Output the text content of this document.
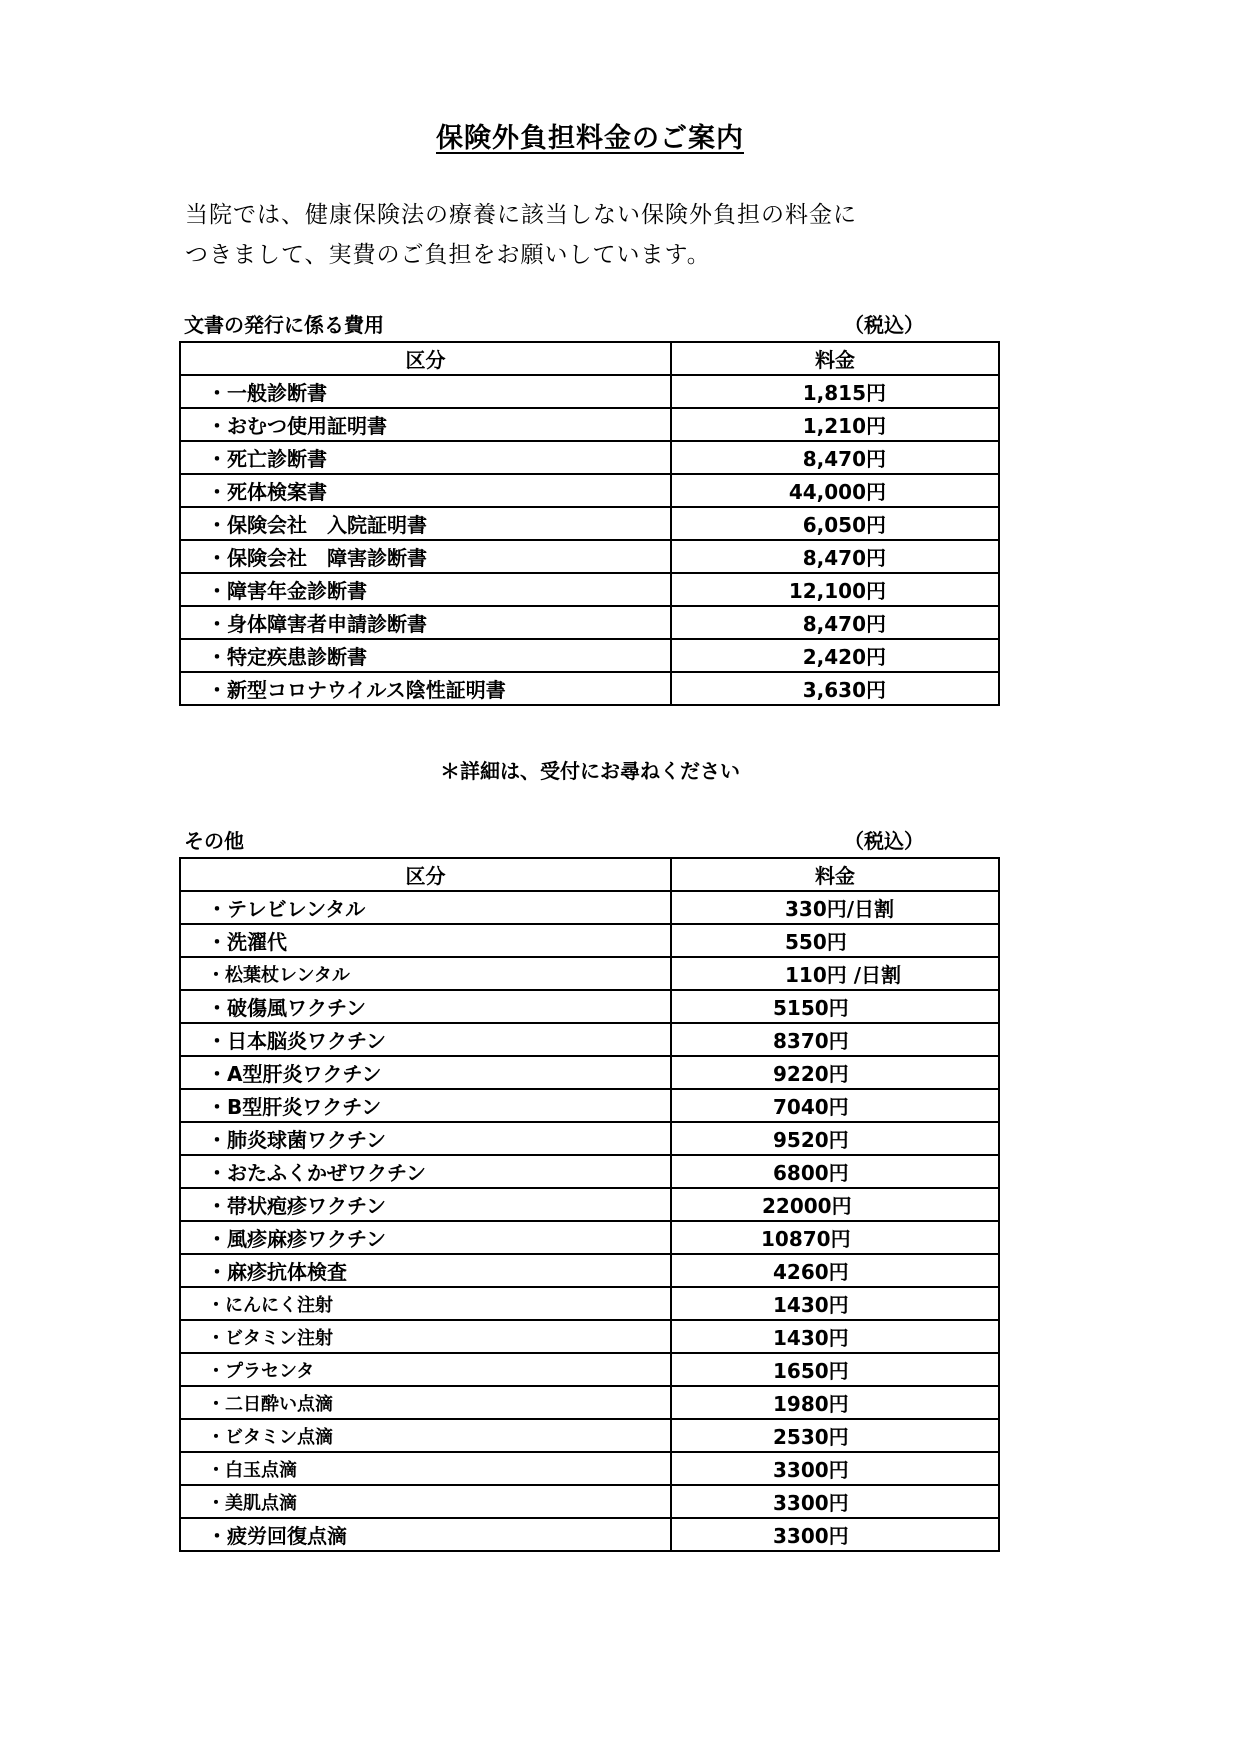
保険外負担料金のご案内
当院では、健康保険法の療養に該当しない保険外負担の料金に
つきまして、実費のご負担をお願いしています。
文書の発行に係る費用	（税込）
区分	料金
・一般診断書	1,815円
・おむつ使用証明書	1,210円
・死亡診断書	8,470円
・死体検案書	44,000円
・保険会社　入院証明書	6,050円
・保険会社　障害診断書	8,470円
・障害年金診断書	12,100円
・身体障害者申請診断書	8,470円
・特定疾患診断書	2,420円
・新型コロナウイルス陰性証明書	3,630円
＊詳細は、受付にお尋ねください
その他	（税込）
区分	料金
・テレビレンタル	330円/日割
・洗濯代	550円
・松葉杖レンタル	110円 /日割
・破傷風ワクチン	5150円
・日本脳炎ワクチン	8370円
・A型肝炎ワクチン	9220円
・B型肝炎ワクチン	7040円
・肺炎球菌ワクチン	9520円
・おたふくかぜワクチン	6800円
・帯状疱疹ワクチン	22000円
・風疹麻疹ワクチン	10870円
・麻疹抗体検査	4260円
・にんにく注射	1430円
・ビタミン注射	1430円
・プラセンタ	1650円
・二日酔い点滴	1980円
・ビタミン点滴	2530円
・白玉点滴	3300円
・美肌点滴	3300円
・疲労回復点滴	3300円
